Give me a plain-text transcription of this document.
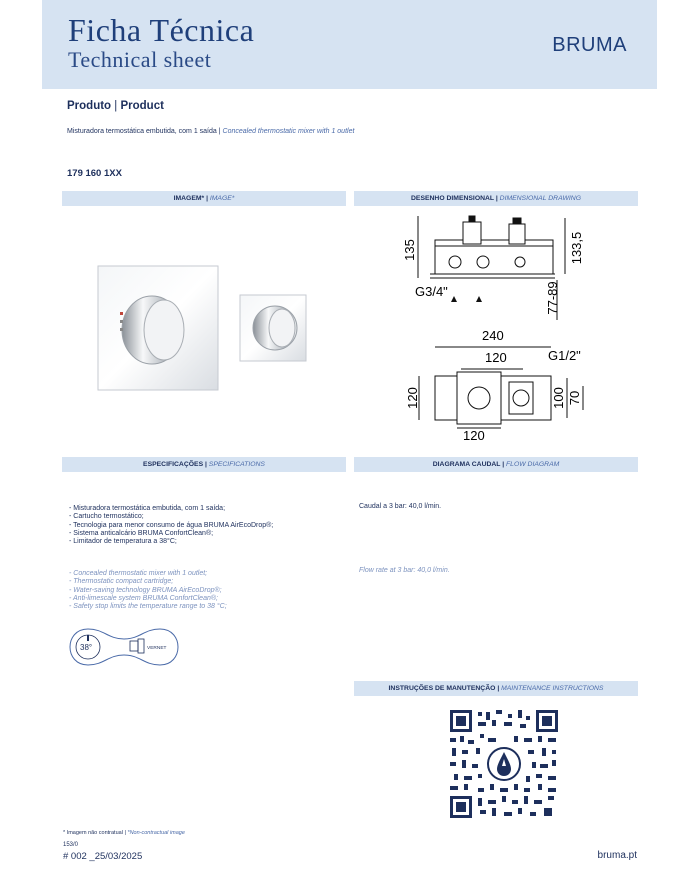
Ficha Técnica
Technical sheet
BRUMA
Produto | Product
Misturadora termostática embutida, com 1 saída | Concealed thermostatic mixer with 1 outlet
179 160 1XX
IMAGEM* | IMAGE*	DESENHO DIMENSIONAL | DIMENSIONAL DRAWING
ESPECIFICAÇÕES | SPECIFICATIONS	DIAGRAMA CAUDAL | FLOW DIAGRAM
INSTRUÇÕES DE MANUTENÇÃO | MAINTENANCE INSTRUCTIONS
135	133,5
77-89
G3/4"
240
120	G1/2"
120	100 70
120
- Misturadora termostática embutida, com 1 saída;
- Cartucho termostático;
- Tecnologia para menor consumo de água BRUMA AirEcoDrop®;
- Sistema anticalcário BRUMA ConfortClean®;
- Limitador de temperatura a 38°C;
- Concealed thermostatic mixer with 1 outlet;
- Thermostatic compact cartridge;
- Water-saving technology BRUMA AirEcoDrop®;
- Anti-limescale system BRUMA ConfortClean®;
- Safety stop limits the temperature range to 38 °C;
Caudal a 3 bar: 40,0 l/min.
Flow rate at 3 bar: 40,0 l/min.
38°	VERNET
* Imagem não contratual | *Non-contractual image
153/0
# 002 _25/03/2025	bruma.pt
